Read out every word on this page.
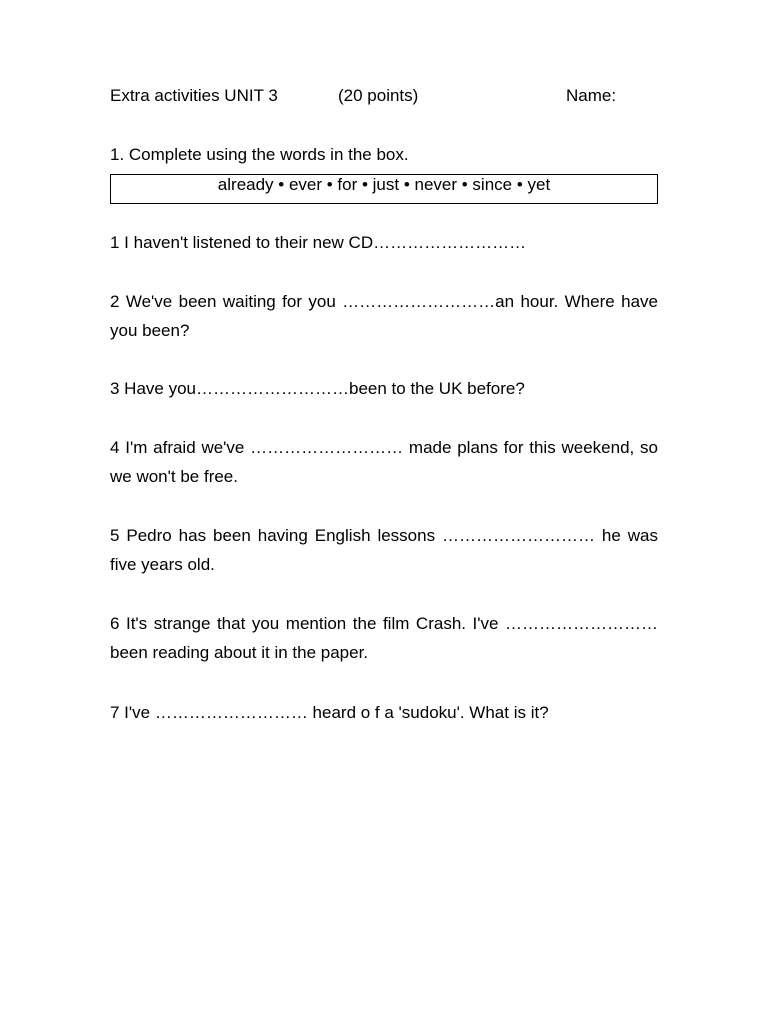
Extra activities UNIT 3	(20 points)	Name:
1. Complete using the words in the box.
already • ever • for • just • never • since • yet
1 I haven't listened to their new CD………………………
2 We've been waiting for you ………………………an hour. Where have you been?
3 Have you………………………been to the UK before?
4 I'm afraid we've ……………………… made plans for this weekend, so we won't be free.
5 Pedro has been having English lessons ……………………… he was five years old.
6 It's strange that you mention the film Crash. I've ……………………… been reading about it in the paper.
7 I've ……………………… heard o f a 'sudoku'. What is it?
